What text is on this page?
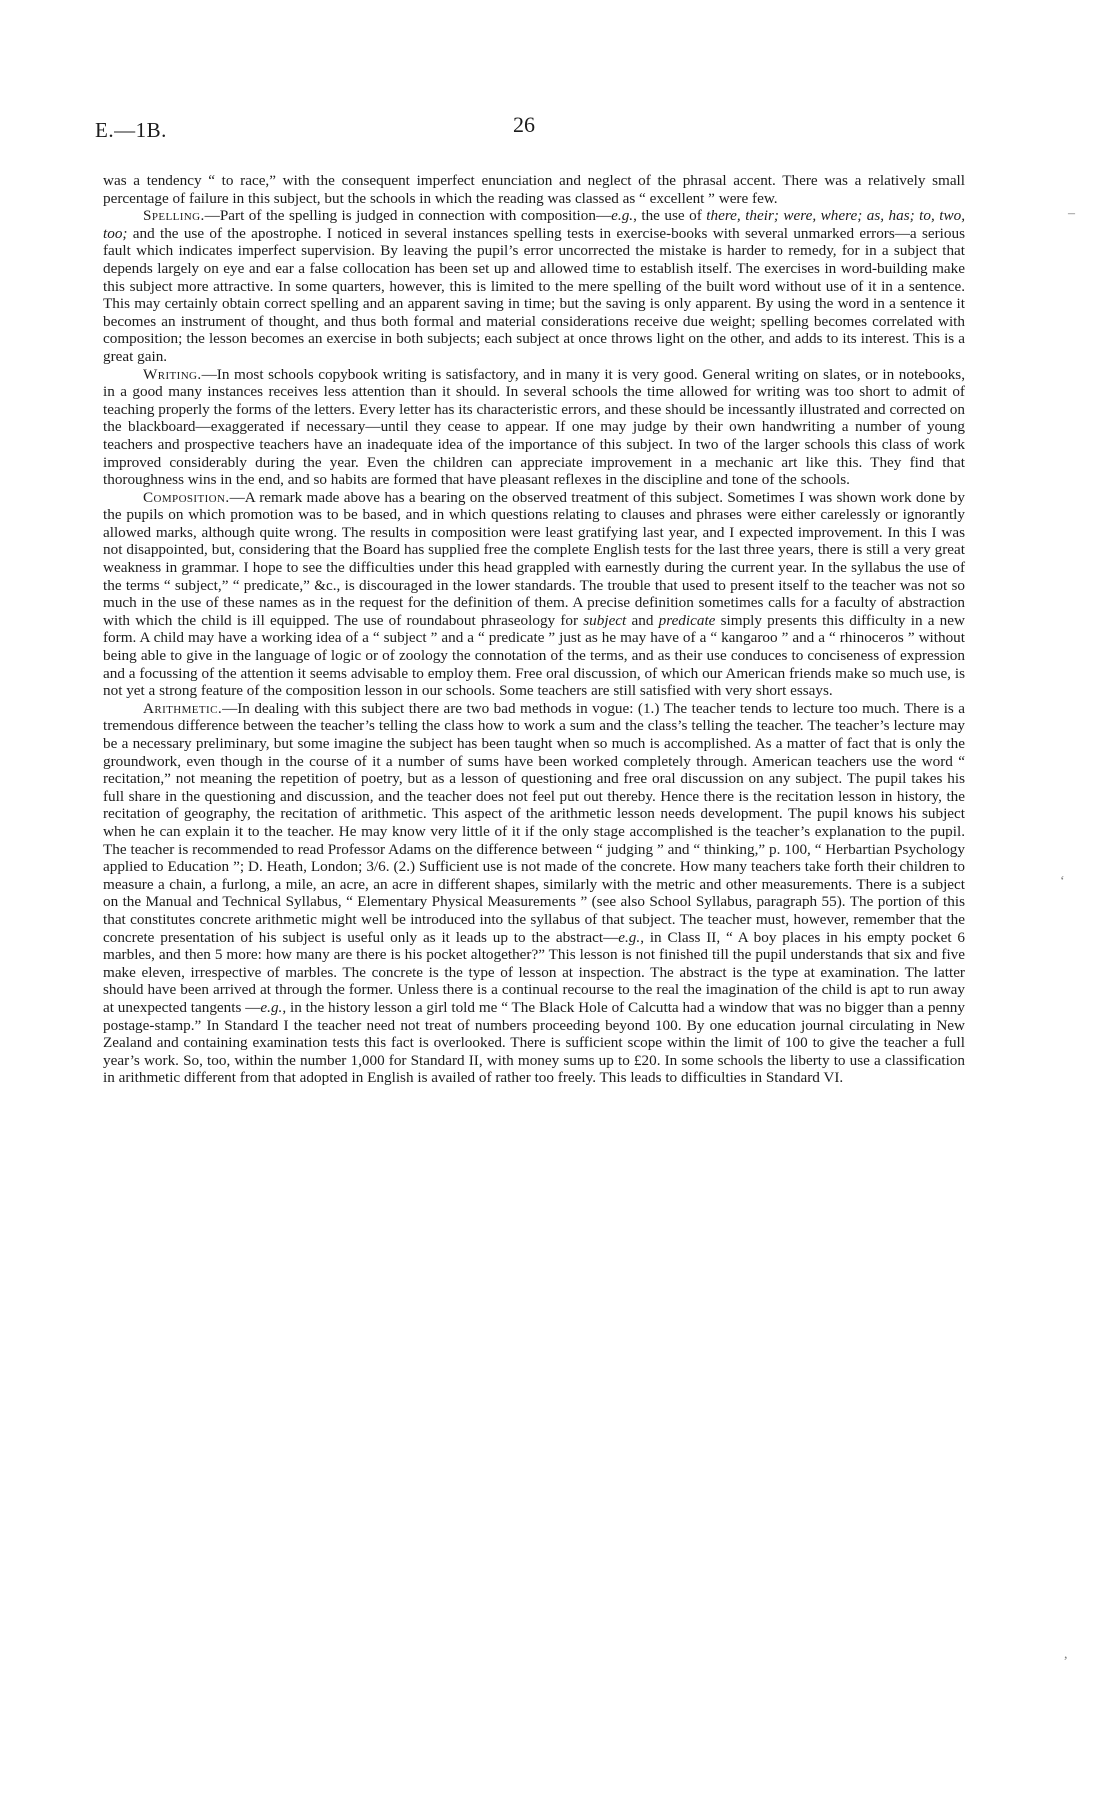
E.—1B.	26

was a tendency “ to race,” with the consequent imperfect enunciation and neglect of the phrasal accent. There was a relatively small percentage of failure in this subject, but the schools in which the reading was classed as “ excellent ” were few.

Spelling.—Part of the spelling is judged in connection with composition—e.g., the use of there, their; were, where; as, has; to, two, too; and the use of the apostrophe. I noticed in several instances spelling tests in exercise-books with several unmarked errors—a serious fault which indicates imperfect supervision. By leaving the pupil’s error uncorrected the mistake is harder to remedy, for in a subject that depends largely on eye and ear a false collocation has been set up and allowed time to establish itself. The exercises in word-building make this subject more attractive. In some quarters, however, this is limited to the mere spelling of the built word without use of it in a sentence. This may certainly obtain correct spelling and an apparent saving in time; but the saving is only apparent. By using the word in a sentence it becomes an instrument of thought, and thus both formal and material considerations receive due weight; spelling becomes correlated with composition; the lesson becomes an exercise in both subjects; each subject at once throws light on the other, and adds to its interest. This is a great gain.

Writing.—In most schools copybook writing is satisfactory, and in many it is very good. General writing on slates, or in notebooks, in a good many instances receives less attention than it should. In several schools the time allowed for writing was too short to admit of teaching properly the forms of the letters. Every letter has its characteristic errors, and these should be incessantly illustrated and corrected on the blackboard—exaggerated if necessary—until they cease to appear. If one may judge by their own handwriting a number of young teachers and prospective teachers have an inadequate idea of the importance of this subject. In two of the larger schools this class of work improved considerably during the year. Even the children can appreciate improvement in a mechanic art like this. They find that thoroughness wins in the end, and so habits are formed that have pleasant reflexes in the discipline and tone of the schools.

Composition.—A remark made above has a bearing on the observed treatment of this subject. Sometimes I was shown work done by the pupils on which promotion was to be based, and in which questions relating to clauses and phrases were either carelessly or ignorantly allowed marks, although quite wrong. The results in composition were least gratifying last year, and I expected improvement. In this I was not disappointed, but, considering that the Board has supplied free the complete English tests for the last three years, there is still a very great weakness in grammar. I hope to see the difficulties under this head grappled with earnestly during the current year. In the syllabus the use of the terms “ subject,” “ predicate,” &c., is discouraged in the lower standards. The trouble that used to present itself to the teacher was not so much in the use of these names as in the request for the definition of them. A precise definition sometimes calls for a faculty of abstraction with which the child is ill equipped. The use of roundabout phraseology for subject and predicate simply presents this difficulty in a new form. A child may have a working idea of a “ subject ” and a “ predicate ” just as he may have of a “ kangaroo ” and a “ rhinoceros ” without being able to give in the language of logic or of zoology the connotation of the terms, and as their use conduces to conciseness of expression and a focussing of the attention it seems advisable to employ them. Free oral discussion, of which our American friends make so much use, is not yet a strong feature of the composition lesson in our schools. Some teachers are still satisfied with very short essays.

Arithmetic.—In dealing with this subject there are two bad methods in vogue: (1.) The teacher tends to lecture too much. There is a tremendous difference between the teacher’s telling the class how to work a sum and the class’s telling the teacher. The teacher’s lecture may be a necessary preliminary, but some imagine the subject has been taught when so much is accomplished. As a matter of fact that is only the groundwork, even though in the course of it a number of sums have been worked completely through. American teachers use the word “ recitation,” not meaning the repetition of poetry, but as a lesson of questioning and free oral discussion on any subject. The pupil takes his full share in the questioning and discussion, and the teacher does not feel put out thereby. Hence there is the recitation lesson in history, the recitation of geography, the recitation of arithmetic. This aspect of the arithmetic lesson needs development. The pupil knows his subject when he can explain it to the teacher. He may know very little of it if the only stage accomplished is the teacher’s explanation to the pupil. The teacher is recommended to read Professor Adams on the difference between “ judging ” and “ thinking,” p. 100, “ Herbartian Psychology applied to Education ”; D. Heath, London; 3/6. (2.) Sufficient use is not made of the concrete. How many teachers take forth their children to measure a chain, a furlong, a mile, an acre, an acre in different shapes, similarly with the metric and other measurements. There is a subject on the Manual and Technical Syllabus, “ Elementary Physical Measurements ” (see also School Syllabus, paragraph 55). The portion of this that constitutes concrete arithmetic might well be introduced into the syllabus of that subject. The teacher must, however, remember that the concrete presentation of his subject is useful only as it leads up to the abstract—e.g., in Class II, “ A boy places in his empty pocket 6 marbles, and then 5 more: how many are there is his pocket altogether?” This lesson is not finished till the pupil understands that six and five make eleven, irrespective of marbles. The concrete is the type of lesson at inspection. The abstract is the type at examination. The latter should have been arrived at through the former. Unless there is a continual recourse to the real the imagination of the child is apt to run away at unexpected tangents —e.g., in the history lesson a girl told me “ The Black Hole of Calcutta had a window that was no bigger than a penny postage-stamp.” In Standard I the teacher need not treat of numbers proceeding beyond 100. By one education journal circulating in New Zealand and containing examination tests this fact is overlooked. There is sufficient scope within the limit of 100 to give the teacher a full year’s work. So, too, within the number 1,000 for Standard II, with money sums up to £20. In some schools the liberty to use a classification in arithmetic different from that adopted in English is availed of rather too freely. This leads to difficulties in Standard VI.

–
‘
,
